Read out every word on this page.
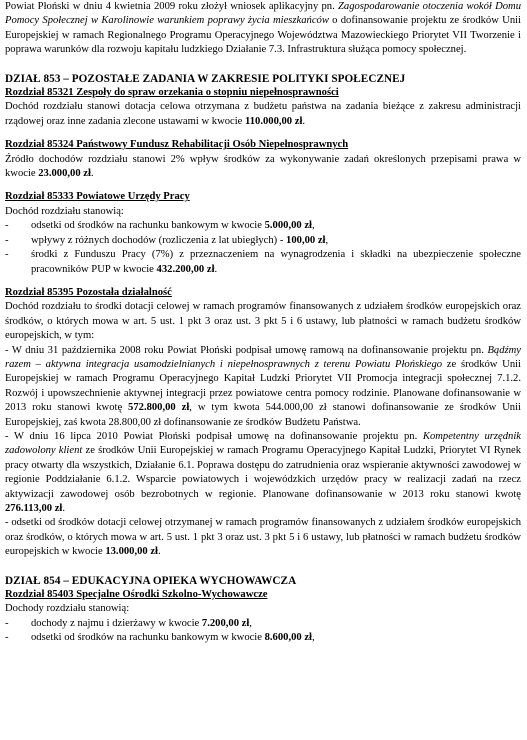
Powiat Płoński w dniu 4 kwietnia 2009 roku złożył wniosek aplikacyjny pn. Zagospodarowanie otoczenia wokół Domu Pomocy Społecznej w Karolinowie warunkiem poprawy życia mieszkańców o dofinansowanie projektu ze środków Unii Europejskiej w ramach Regionalnego Programu Operacyjnego Województwa Mazowieckiego Priorytet VII Tworzenie i poprawa warunków dla rozwoju kapitału ludzkiego Działanie 7.3. Infrastruktura służąca pomocy społecznej.

DZIAŁ 853 – POZOSTAŁE ZADANIA W ZAKRESIE POLITYKI SPOŁECZNEJ

Rozdział 85321 Zespoły do spraw orzekania o stopniu niepełnosprawności

Dochód rozdziału stanowi dotacja celowa otrzymana z budżetu państwa na zadania bieżące z zakresu administracji rządowej oraz inne zadania zlecone ustawami w kwocie 110.000,00 zł.

Rozdział 85324 Państwowy Fundusz Rehabilitacji Osób Niepełnosprawnych

Źródło dochodów rozdziału stanowi 2% wpływ środków za wykonywanie zadań określonych przepisami prawa w kwocie 23.000,00 zł.

Rozdział 85333 Powiatowe Urzędy Pracy

Dochód rozdziału stanowią:

- odsetki od środków na rachunku bankowym w kwocie 5.000,00 zł,
- wpływy z różnych dochodów (rozliczenia z lat ubiegłych) - 100,00 zł,
- środki z Funduszu Pracy (7%) z przeznaczeniem na wynagrodzenia i składki na ubezpieczenie społeczne pracowników PUP w kwocie 432.200,00 zł.

Rozdział 85395 Pozostała działalność

Dochód rozdziału to środki dotacji celowej w ramach programów finansowanych z udziałem środków europejskich oraz środków, o których mowa w art. 5 ust. 1 pkt 3 oraz ust. 3 pkt 5 i 6 ustawy, lub płatności w ramach budżetu środków europejskich, w tym:

- W dniu 31 października 2008 roku Powiat Płoński podpisał umowę ramową na dofinansowanie projektu pn. Bądźmy razem – aktywna integracja usamodzielnianych i niepełnosprawnych z terenu Powiatu Płońskiego ze środków Unii Europejskiej w ramach Programu Operacyjnego Kapitał Ludzki Priorytet VII Promocja integracji społecznej 7.1.2. Rozwój i upowszechnienie aktywnej integracji przez powiatowe centra pomocy rodzinie. Planowane dofinansowanie w 2013 roku stanowi kwotę 572.800,00 zł, w tym kwota 544.000,00 zł stanowi dofinansowanie ze środków Unii Europejskiej, zaś kwota 28.800,00 zł dofinansowanie ze środków Budżetu Państwa.

- W dniu 16 lipca 2010 Powiat Płoński podpisał umowę na dofinansowanie projektu pn. Kompetentny urzędnik zadowolony klient ze środków Unii Europejskiej w ramach Programu Operacyjnego Kapitał Ludzki, Priorytet VI Rynek pracy otwarty dla wszystkich, Działanie 6.1. Poprawa dostępu do zatrudnienia oraz wspieranie aktywności zawodowej w regionie Poddziałanie 6.1.2. Wsparcie powiatowych i wojewódzkich urzędów pracy w realizacji zadań na rzecz aktywizacji zawodowej osób bezrobotnych w regionie. Planowane dofinansowanie w 2013 roku stanowi kwotę 276.113,00 zł.

- odsetki od środków dotacji celowej otrzymanej w ramach programów finansowanych z udziałem środków europejskich oraz środków, o których mowa w art. 5 ust. 1 pkt 3 oraz ust. 3 pkt 5 i 6 ustawy, lub płatności w ramach budżetu środków europejskich w kwocie 13.000,00 zł.

DZIAŁ 854 – EDUKACYJNA OPIEKA WYCHOWAWCZA

Rozdział 85403 Specjalne Ośrodki Szkolno-Wychowawcze

Dochody rozdziału stanowią:

- dochody z najmu i dzierżawy w kwocie 7.200,00 zł,
- odsetki od środków na rachunku bankowym w kwocie 8.600,00 zł,
